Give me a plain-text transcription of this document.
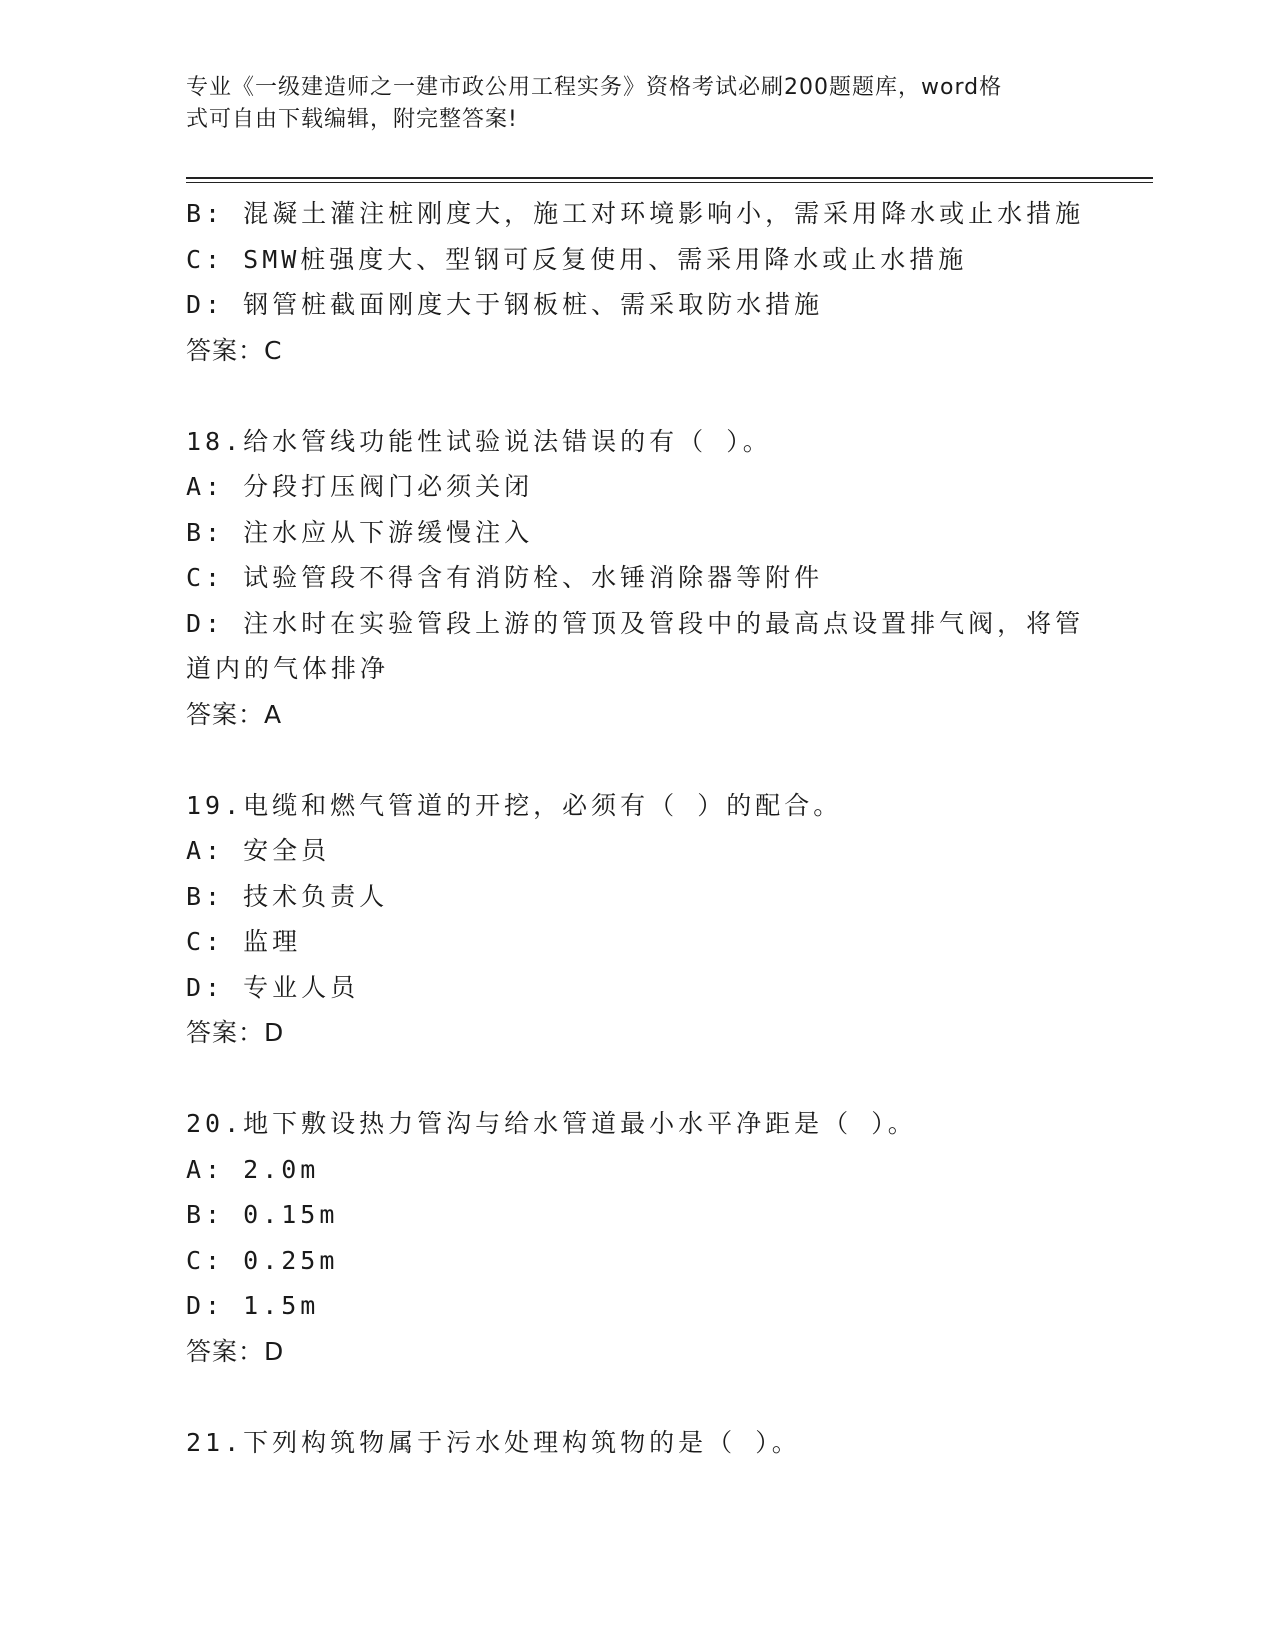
专业《一级建造师之一建市政公用工程实务》资格考试必刷200题题库，word格
式可自由下载编辑，附完整答案!
B: 混凝土灌注桩刚度大，施工对环境影响小，需采用降水或止水措施
C: SMW桩强度大、型钢可反复使用、需采用降水或止水措施
D: 钢管桩截面刚度大于钢板桩、需采取防水措施
答案：C
18.给水管线功能性试验说法错误的有（ ）。
A: 分段打压阀门必须关闭
B: 注水应从下游缓慢注入
C: 试验管段不得含有消防栓、水锤消除器等附件
D: 注水时在实验管段上游的管顶及管段中的最高点设置排气阀，将管
道内的气体排净
答案：A
19.电缆和燃气管道的开挖，必须有（ ）的配合。
A: 安全员
B: 技术负责人
C: 监理
D: 专业人员
答案：D
20.地下敷设热力管沟与给水管道最小水平净距是（ ）。
A: 2.0m
B: 0.15m
C: 0.25m
D: 1.5m
答案：D
21.下列构筑物属于污水处理构筑物的是（ ）。
